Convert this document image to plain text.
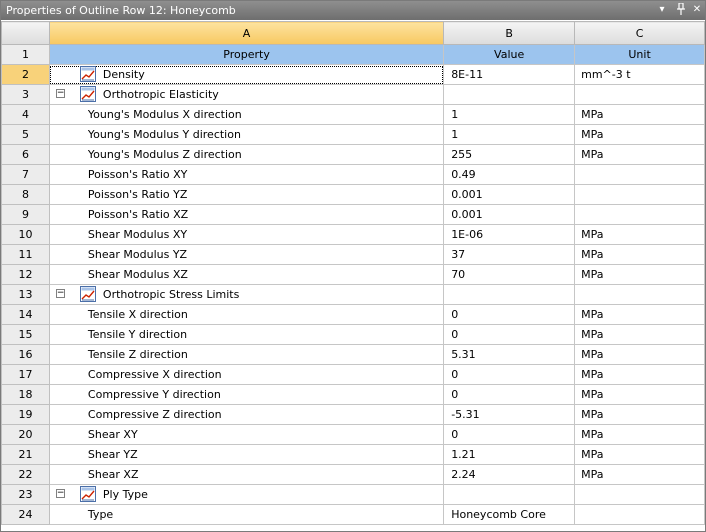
Properties of Outline Row 12: Honeycomb	▾	✕
	A	B	C
1	Property	Value	Unit
2	Density	8E-11	mm^-3 t
3	− Orthotropic Elasticity		

4	Young's Modulus X direction	1	MPa
5	Young's Modulus Y direction	1	MPa
6	Young's Modulus Z direction	255	MPa
7	Poisson's Ratio XY	0.49	
8	Poisson's Ratio YZ	0.001	
9	Poisson's Ratio XZ	0.001	
10	Shear Modulus XY	1E-06	MPa
11	Shear Modulus YZ	37	MPa
12	Shear Modulus XZ	70	MPa
13	− Orthotropic Stress Limits		

14	Tensile X direction	0	MPa
15	Tensile Y direction	0	MPa
16	Tensile Z direction	5.31	MPa
17	Compressive X direction	0	MPa
18	Compressive Y direction	0	MPa
19	Compressive Z direction	-5.31	MPa
20	Shear XY	0	MPa
21	Shear YZ	1.21	MPa
22	Shear XZ	2.24	MPa
23	− Ply Type		

24	Type	Honeycomb Core	
